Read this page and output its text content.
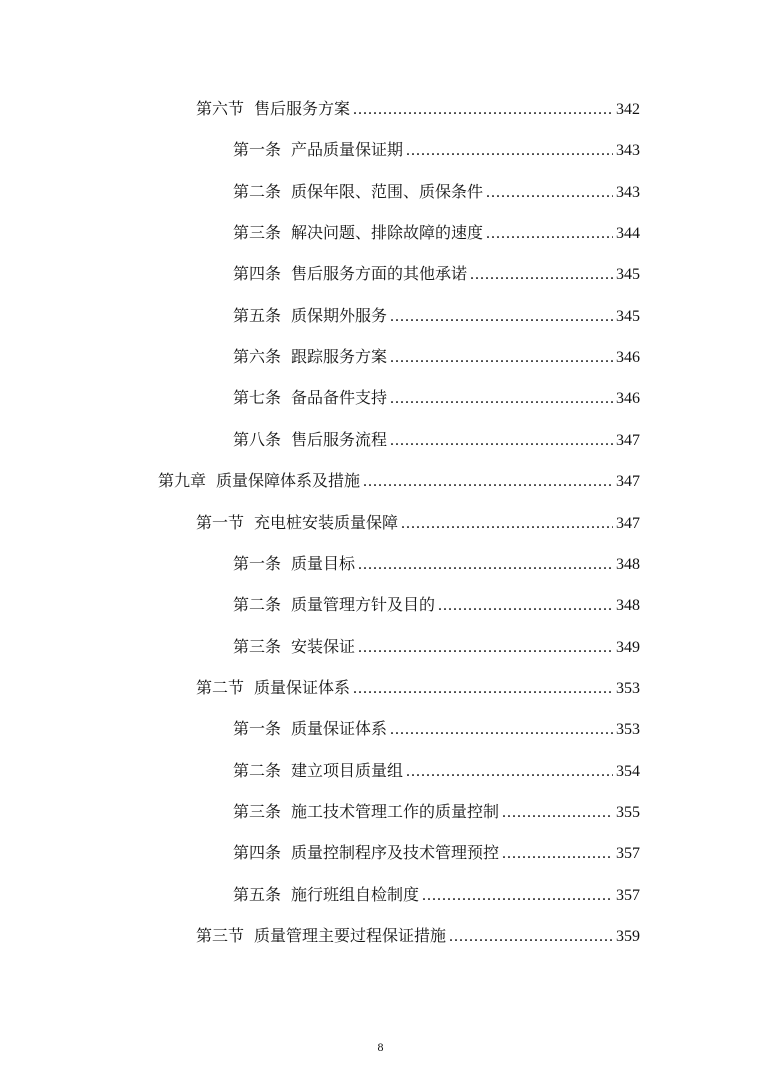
第六节 售后服务方案 .....	342
第一条 产品质量保证期 .....	343
第二条 质保年限、范围、质保条件 .....	343
第三条 解决问题、排除故障的速度 .....	344
第四条 售后服务方面的其他承诺 .....	345
第五条 质保期外服务 .....	345
第六条 跟踪服务方案 .....	346
第七条 备品备件支持 .....	346
第八条 售后服务流程 .....	347
第九章 质量保障体系及措施 .....	347
第一节 充电桩安装质量保障 .....	347
第一条 质量目标 .....	348
第二条 质量管理方针及目的 .....	348
第三条 安装保证 .....	349
第二节 质量保证体系 .....	353
第一条 质量保证体系 .....	353
第二条 建立项目质量组 .....	354
第三条 施工技术管理工作的质量控制 .....	355
第四条 质量控制程序及技术管理预控 .....	357
第五条 施行班组自检制度 .....	357
第三节 质量管理主要过程保证措施 .....	359
8
